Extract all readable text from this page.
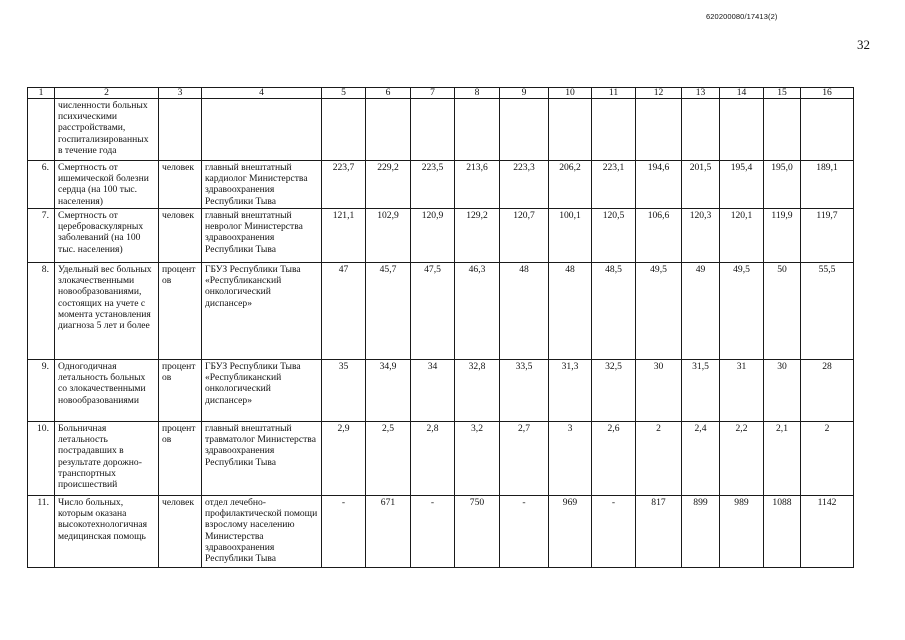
620200080/17413(2)
32
1	2	3	4	5	6	7	8	9	10	11	12	13	14	15	16
	численности больных психическими расстройствами, госпитализированных в течение года														
6.	Смертность от ишемической болезни сердца (на 100 тыс. населения)	человек	главный внештатный кардиолог Министерства здравоохранения Республики Тыва	223,7	229,2	223,5	213,6	223,3	206,2	223,1	194,6	201,5	195,4	195,0	189,1
7.	Смертность от цереброваскулярных заболеваний (на 100 тыс. населения)	человек	главный внештатный невролог Министерства здравоохранения Республики Тыва	121,1	102,9	120,9	129,2	120,7	100,1	120,5	106,6	120,3	120,1	119,9	119,7
8.	Удельный вес больных злокачественными новообразованиями, состоящих на учете с момента установления диагноза 5 лет и более	процентов	ГБУЗ Республики Тыва «Республиканский онкологический диспансер»	47	45,7	47,5	46,3	48	48	48,5	49,5	49	49,5	50	55,5
9.	Одногодичная летальность больных со злокачественными новообразованиями	процентов	ГБУЗ Республики Тыва «Республиканский онкологический диспансер»	35	34,9	34	32,8	33,5	31,3	32,5	30	31,5	31	30	28
10.	Больничная летальность пострадавших в результате дорожно-транспортных происшествий	процентов	главный внештатный травматолог Министерства здравоохранения Республики Тыва	2,9	2,5	2,8	3,2	2,7	3	2,6	2	2,4	2,2	2,1	2
11.	Число больных, которым оказана высокотехнологичная медицинская помощь	человек	отдел лечебно-профилактической помощи взрослому населению Министерства здравоохранения Республики Тыва	-	671	-	750	-	969	-	817	899	989	1088	1142
